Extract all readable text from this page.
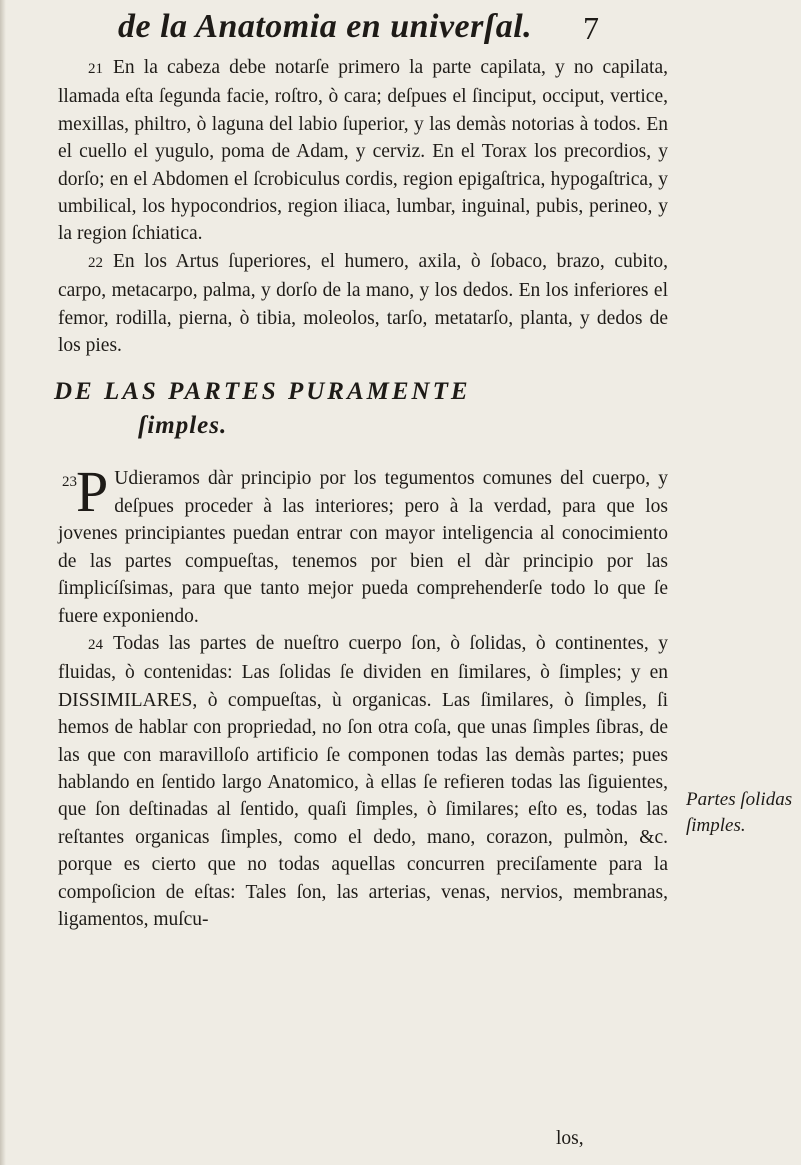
de la Anatomia en univerſal. 7

21 En la cabeza debe notarſe primero la parte capilata, y no capilata, llamada eſta ſegunda facie, roſtro, ò cara; deſpues el ſinciput, occiput, vertice, mexillas, philtro, ò laguna del labio ſuperior, y las demàs notorias à todos. En el cuello el yugulo, poma de Adam, y cerviz. En el Torax los precordios, y dorſo; en el Abdomen el ſcrobiculus cordis, region epigaſtrica, hypogaſtrica, y umbilical, los hypocondrios, region iliaca, lumbar, inguinal, pubis, perineo, y la region ſchiatica.

22 En los Artus ſuperiores, el humero, axila, ò ſobaco, brazo, cubito, carpo, metacarpo, palma, y dorſo de la mano, y los dedos. En los inferiores el femor, rodilla, pierna, ò tibia, moleolos, tarſo, metatarſo, planta, y dedos de los pies.

DE LAS PARTES PURAMENTE
ſimples.
23 P Udieramos dàr principio por los tegumentos comunes del cuerpo, y deſpues proceder à las interiores; pero à la verdad, para que los jovenes principiantes puedan entrar con mayor inteligencia al conocimiento de las partes compueſtas, tenemos por bien el dàr principio por las ſimplicíſsimas, para que tanto mejor pueda comprehenderſe todo lo que ſe fuere exponiendo.

24 Todas las partes de nueſtro cuerpo ſon, ò ſolidas, ò continentes, y fluidas, ò contenidas: Las ſolidas ſe dividen en ſimilares, ò ſimples; y en DISSIMILARES, ò compueſtas, ù organicas. Las ſimilares, ò ſimples, ſi hemos de hablar con propriedad, no ſon otra coſa, que unas ſimples ſibras, de las que con maravilloſo artificio ſe componen todas las demàs partes; pues hablando en ſentido largo Anatomico, à ellas ſe refieren todas las ſiguientes, que ſon deſtinadas al ſentido, quaſi ſimples, ò ſimilares; eſto es, todas las reſtantes organicas ſimples, como el dedo, mano, corazon, pulmòn, &c. porque es cierto que no todas aquellas concurren preciſamente para la compoſicion de eſtas: Tales ſon, las arterias, venas, nervios, membranas, ligamentos, muſcu-

Partes ſolidas ſimples.
los,
